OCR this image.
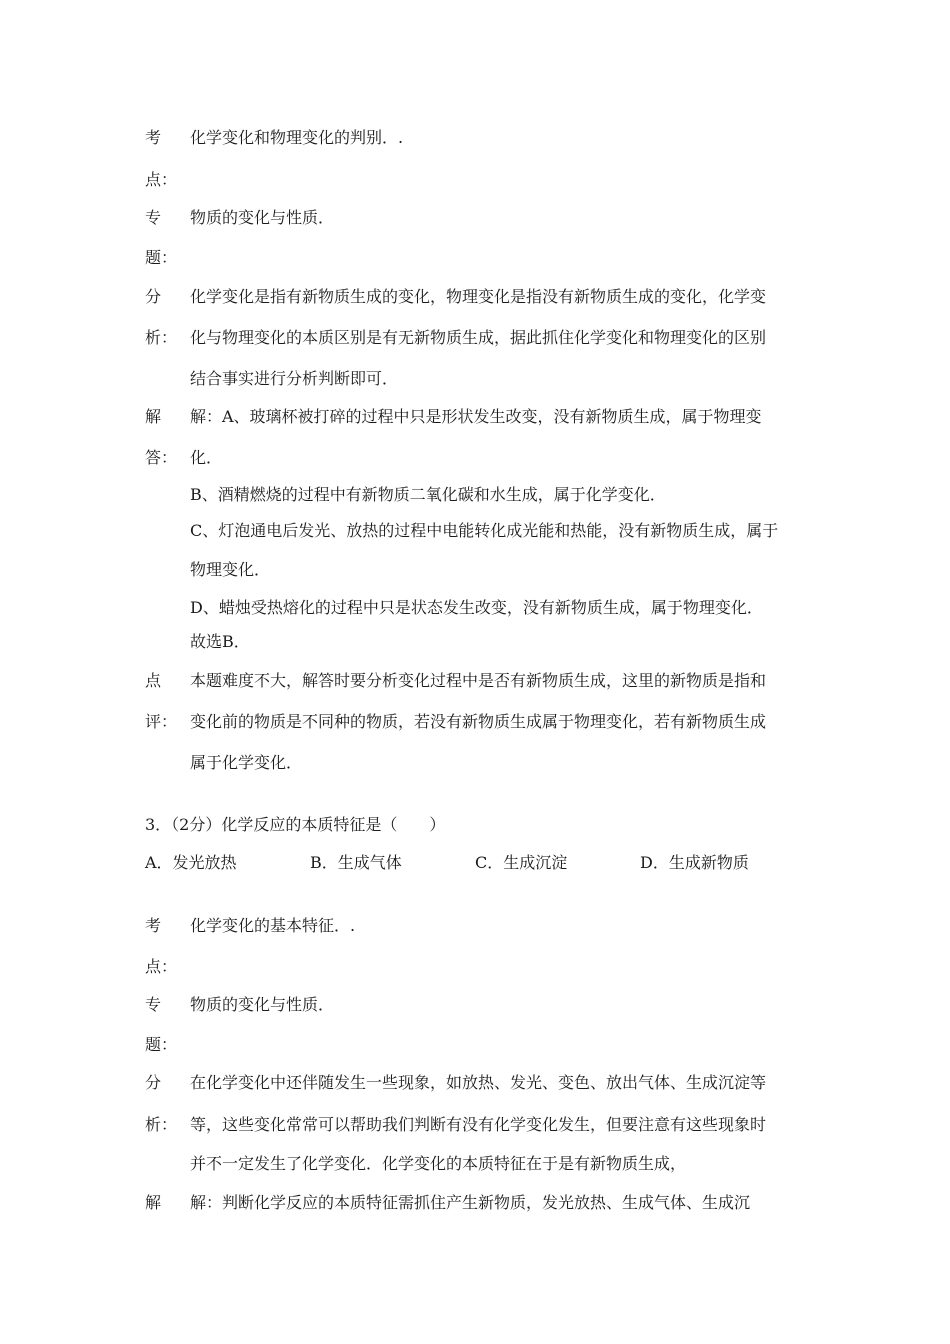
考 化学变化和物理变化的判别．.
点：
专 物质的变化与性质．
题：
分 化学变化是指有新物质生成的变化，物理变化是指没有新物质生成的变化，化学变
析： 化与物理变化的本质区别是有无新物质生成，据此抓住化学变化和物理变化的区别
结合事实进行分析判断即可．
解 解：A、玻璃杯被打碎的过程中只是形状发生改变，没有新物质生成，属于物理变
答： 化．
B、酒精燃烧的过程中有新物质二氧化碳和水生成，属于化学变化．
C、灯泡通电后发光、放热的过程中电能转化成光能和热能，没有新物质生成，属于
物理变化．
D、蜡烛受热熔化的过程中只是状态发生改变，没有新物质生成，属于物理变化．
故选B．
点 本题难度不大，解答时要分析变化过程中是否有新物质生成，这里的新物质是指和
评： 变化前的物质是不同种的物质，若没有新物质生成属于物理变化，若有新物质生成
属于化学变化．
3．（2分）化学反应的本质特征是（　　）
A．发光放热	B．生成气体	C．生成沉淀	D．生成新物质
考 化学变化的基本特征．.
点：
专 物质的变化与性质．
题：
分 在化学变化中还伴随发生一些现象，如放热、发光、变色、放出气体、生成沉淀等
析： 等，这些变化常常可以帮助我们判断有没有化学变化发生，但要注意有这些现象时
并不一定发生了化学变化．化学变化的本质特征在于是有新物质生成，
解 解：判断化学反应的本质特征需抓住产生新物质，发光放热、生成气体、生成沉
